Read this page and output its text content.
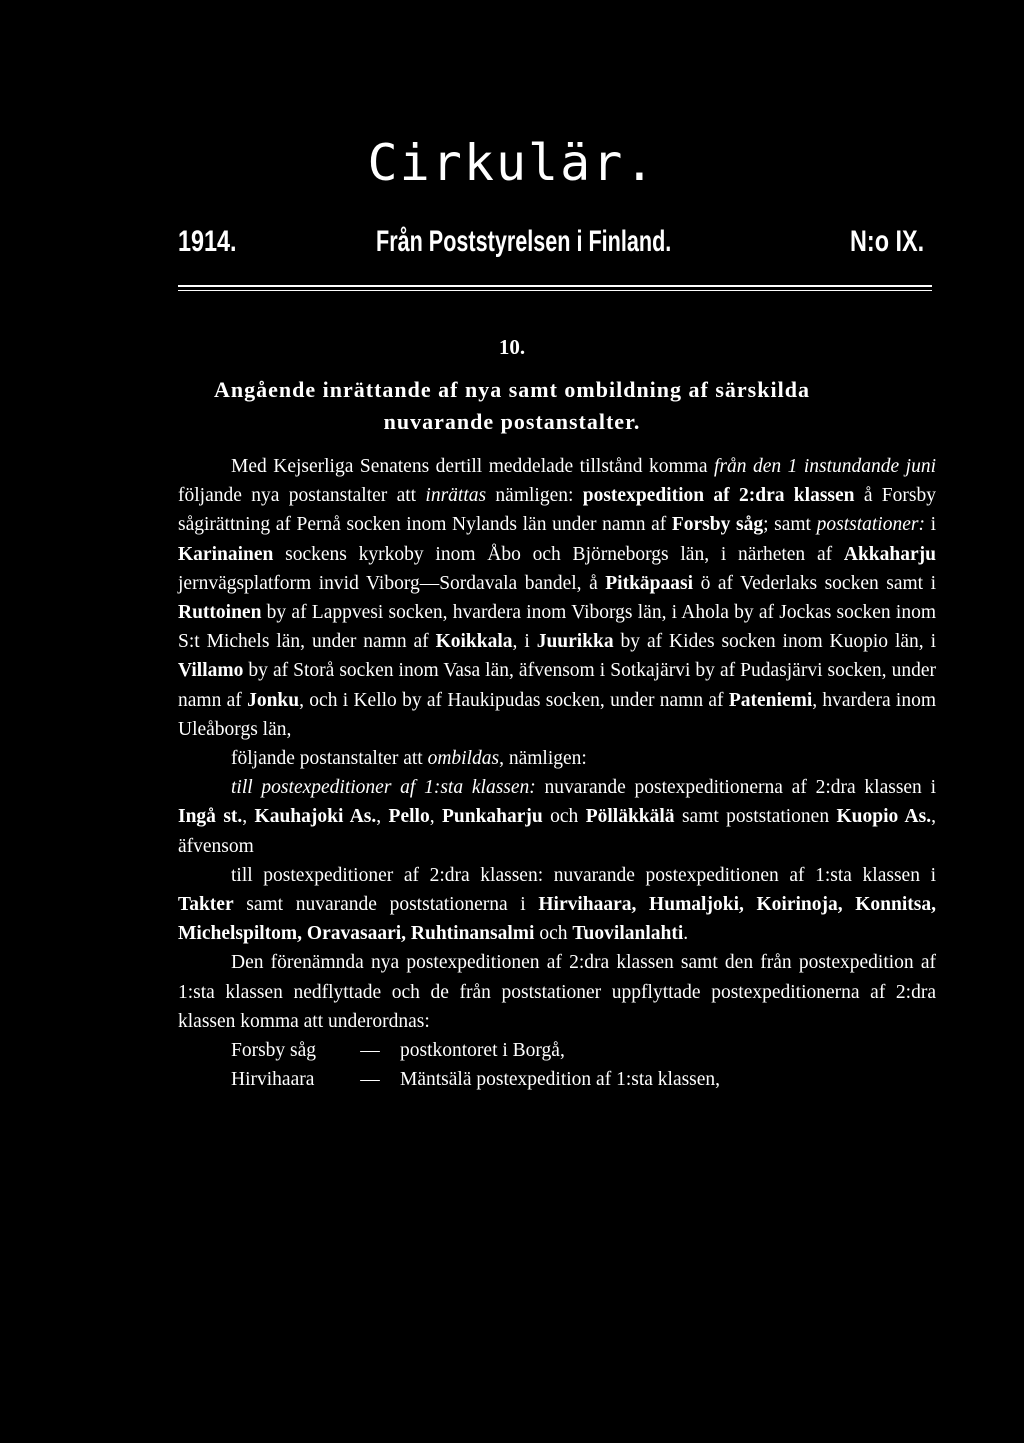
Cirkulär.
1914.	Från Poststyrelsen i Finland.	N:o IX.
10.
Angående inrättande af nya samt ombildning af särskilda
nuvarande postanstalter.

Med Kejserliga Senatens dertill meddelade tillstånd komma från den 1 instundande juni följande nya postanstalter att inrättas nämligen: postexpedition af 2:dra klassen å Forsby sågirättning af Pernå socken inom Nylands län under namn af Forsby såg; samt poststationer: i Karinainen sockens kyrkoby inom Åbo och Björneborgs län, i närheten af Akkaharju jernvägsplatform invid Viborg—Sordavala bandel, å Pitkäpaasi ö af Vederlaks socken samt i Ruttoinen by af Lappvesi socken, hvardera inom Viborgs län, i Ahola by af Jockas socken inom S:t Michels län, under namn af Koikkala, i Juurikka by af Kides socken inom Kuopio län, i Villamo by af Storå socken inom Vasa län, äfvensom i Sotkajärvi by af Pudasjärvi socken, under namn af Jonku, och i Kello by af Haukipudas socken, under namn af Pateniemi, hvardera inom Uleåborgs län,

följande postanstalter att ombildas, nämligen:

till postexpeditioner af 1:sta klassen: nuvarande postexpeditionerna af 2:dra klassen i Ingå st., Kauhajoki As., Pello, Punkaharju och Pölläkkälä samt poststationen Kuopio As., äfvensom

till postexpeditioner af 2:dra klassen: nuvarande postexpeditionen af 1:sta klassen i Takter samt nuvarande poststationerna i Hirvihaara, Humaljoki, Koirinoja, Konnitsa, Michelspiltom, Oravasaari, Ruhtinansalmi och Tuovilanlahti.

Den förenämnda nya postexpeditionen af 2:dra klassen samt den från postexpedition af 1:sta klassen nedflyttade och de från poststationer uppflyttade postexpeditionerna af 2:dra klassen komma att underordnas:

Forsby såg	—	postkontoret i Borgå,
Hirvihaara	—	Mäntsälä postexpedition af 1:sta klassen,
